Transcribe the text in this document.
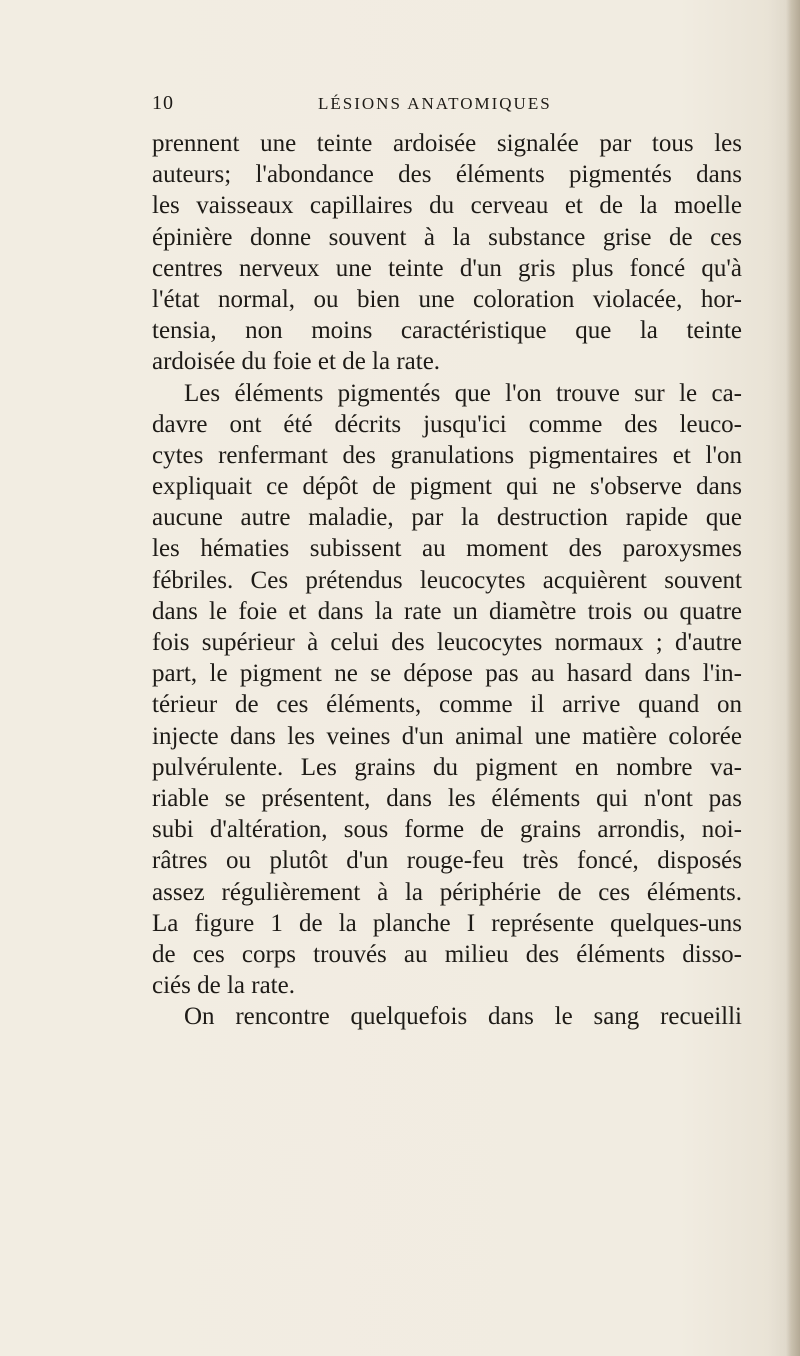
10	LÉSIONS ANATOMIQUES
prennent une teinte ardoisée signalée par tous les
auteurs; l'abondance des éléments pigmentés dans
les vaisseaux capillaires du cerveau et de la moelle
épinière donne souvent à la substance grise de ces
centres nerveux une teinte d'un gris plus foncé qu'à
l'état normal, ou bien une coloration violacée, hor-
tensia, non moins caractéristique que la teinte
ardoisée du foie et de la rate.
Les éléments pigmentés que l'on trouve sur le ca-
davre ont été décrits jusqu'ici comme des leuco-
cytes renfermant des granulations pigmentaires et l'on
expliquait ce dépôt de pigment qui ne s'observe dans
aucune autre maladie, par la destruction rapide que
les hématies subissent au moment des paroxysmes
fébriles. Ces prétendus leucocytes acquièrent souvent
dans le foie et dans la rate un diamètre trois ou quatre
fois supérieur à celui des leucocytes normaux ; d'autre
part, le pigment ne se dépose pas au hasard dans l'in-
térieur de ces éléments, comme il arrive quand on
injecte dans les veines d'un animal une matière colorée
pulvérulente. Les grains du pigment en nombre va-
riable se présentent, dans les éléments qui n'ont pas
subi d'altération, sous forme de grains arrondis, noi-
râtres ou plutôt d'un rouge-feu très foncé, disposés
assez régulièrement à la périphérie de ces éléments.
La figure 1 de la planche I représente quelques-uns
de ces corps trouvés au milieu des éléments disso-
ciés de la rate.
On rencontre quelquefois dans le sang recueilli
